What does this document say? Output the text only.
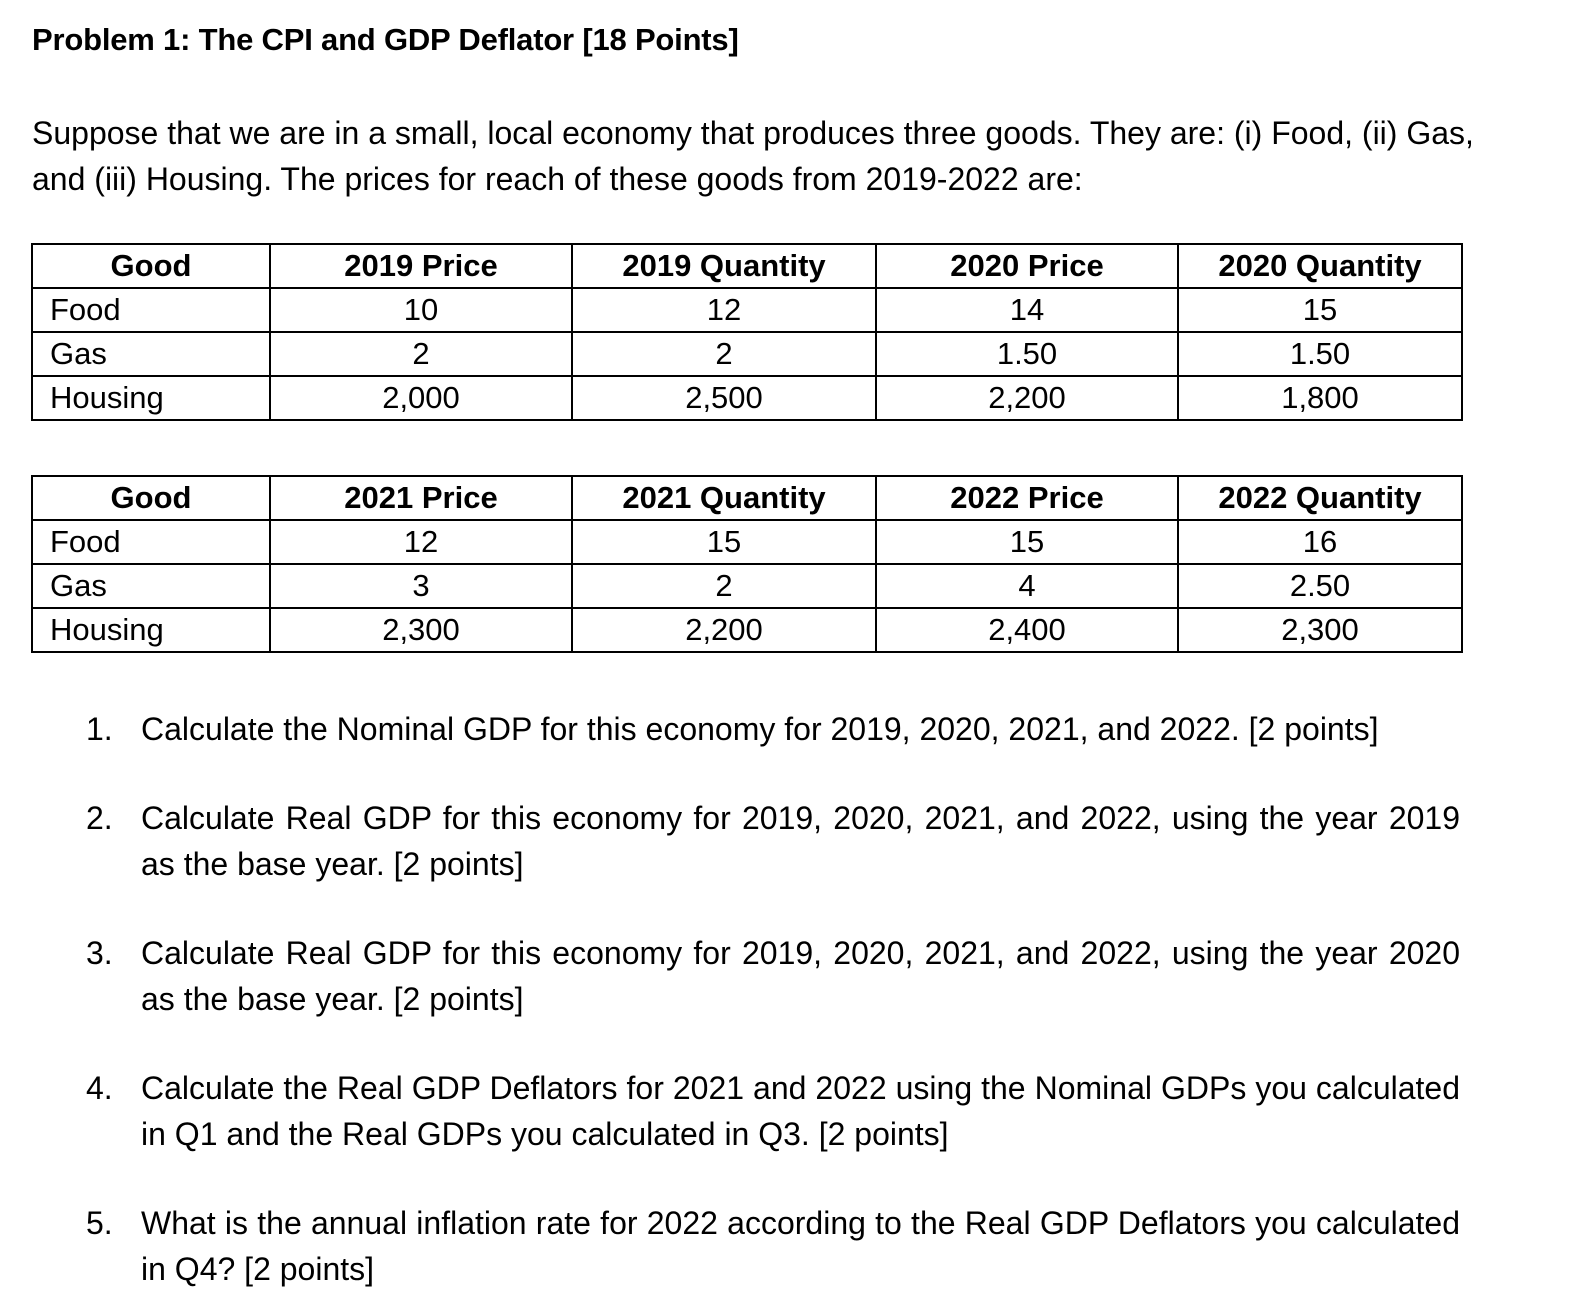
Problem 1: The CPI and GDP Deflator [18 Points]
Suppose that we are in a small, local economy that produces three goods. They are: (i) Food, (ii) Gas, and (iii) Housing. The prices for reach of these goods from 2019-2022 are:
Good	2019 Price	2019 Quantity	2020 Price	2020 Quantity
Food	10	12	14	15
Gas	2	2	1.50	1.50
Housing	2,000	2,500	2,200	1,800
Good	2021 Price	2021 Quantity	2022 Price	2022 Quantity
Food	12	15	15	16
Gas	3	2	4	2.50
Housing	2,300	2,200	2,400	2,300
1. Calculate the Nominal GDP for this economy for 2019, 2020, 2021, and 2022. [2 points]
2. Calculate Real GDP for this economy for 2019, 2020, 2021, and 2022, using the year 2019 as the base year. [2 points]
3. Calculate Real GDP for this economy for 2019, 2020, 2021, and 2022, using the year 2020 as the base year. [2 points]
4. Calculate the Real GDP Deflators for 2021 and 2022 using the Nominal GDPs you calculated in Q1 and the Real GDPs you calculated in Q3. [2 points]
5. What is the annual inflation rate for 2022 according to the Real GDP Deflators you calculated in Q4? [2 points]
